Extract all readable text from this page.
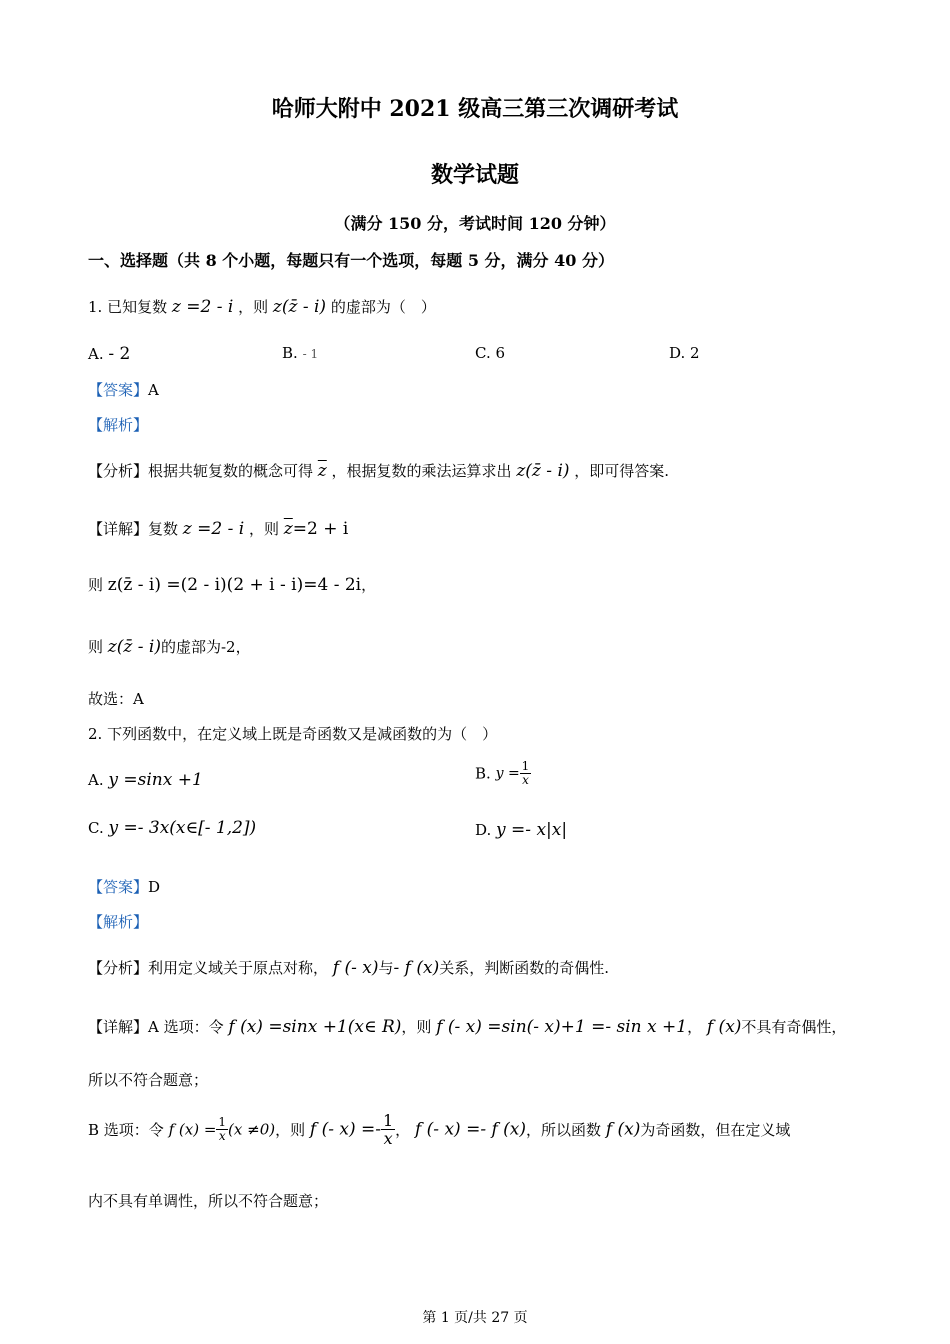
哈师大附中 2021 级高三第三次调研考试
数学试题
（满分 150 分，考试时间 120 分钟）
一、选择题（共 8 个小题，每题只有一个选项，每题 5 分，满分 40 分）
1. 已知复数 z =2 - i ，则 z(z̄ - i) 的虚部为（　）
A. - 2	B. - 1	C. 6	D. 2
【答案】A
【解析】
【分析】根据共轭复数的概念可得 $\overline{z}$ ，根据复数的乘法运算求出 z(z̄ - i) ，即可得答案.
【详解】复数 z =2 - i ，则 $\overline{z}=2 + i$
则 z(z̄ - i) =(2 - i)(2 + i - i)=4 - 2i，
则 z(z̄ - i)的虚部为-2，
故选：A
2. 下列函数中，在定义域上既是奇函数又是减函数的为（　）
A. y =sinx +1	B. $y = \frac{1}{x}$
C. y =- 3x(x∈[- 1,2])	D. y =- x|x|
【答案】D
【解析】
【分析】利用定义域关于原点对称， f (- x)与- f (x)关系，判断函数的奇偶性.
【详解】A 选项：令 f (x) =sinx +1(x∈ R)，则 f (- x) =sin(- x)+1 =- sin x +1， f (x)不具有奇偶性，
所以不符合题意；
B 选项：令 f $(x) = \frac{1}{x} (x \ne 0)$，则 f (- $x) =- \frac{1}{x}$ ， f (- x) =- f (x)，所以函数 f (x)为奇函数，但在定义域
内不具有单调性，所以不符合题意；
第 1 页/共 27 页
